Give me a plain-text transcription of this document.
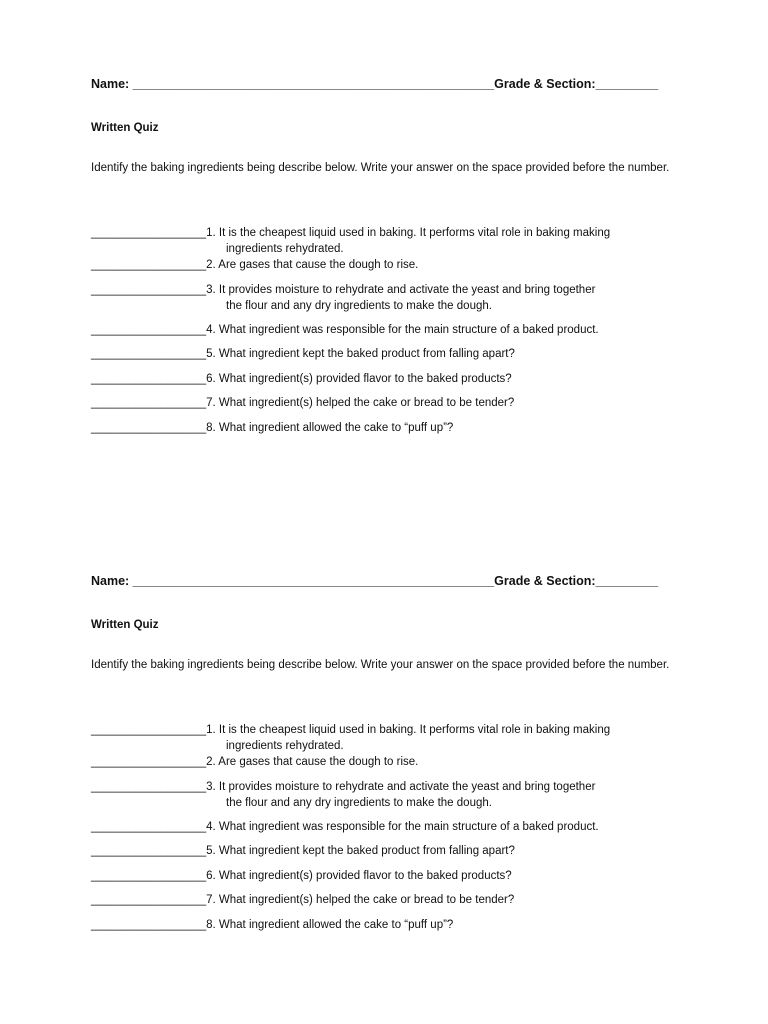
Name: ____________________________________________________Grade & Section:_________
Written Quiz
Identify the baking ingredients being describe below. Write your answer on the space provided before the number.
__________________1. It is the cheapest liquid used in baking. It performs vital role in baking making
ingredients rehydrated.
__________________2. Are gases that cause the dough to rise.
__________________3. It provides moisture to rehydrate and activate the yeast and bring together
the flour and any dry ingredients to make the dough.
__________________4. What ingredient was responsible for the main structure of a baked product.
__________________5. What ingredient kept the baked product from falling apart?
__________________6. What ingredient(s) provided flavor to the baked products?
__________________7. What ingredient(s) helped the cake or bread to be tender?
__________________8. What ingredient allowed the cake to “puff up”?
Name: ____________________________________________________Grade & Section:_________
Written Quiz
Identify the baking ingredients being describe below. Write your answer on the space provided before the number.
__________________1. It is the cheapest liquid used in baking. It performs vital role in baking making
ingredients rehydrated.
__________________2. Are gases that cause the dough to rise.
__________________3. It provides moisture to rehydrate and activate the yeast and bring together
the flour and any dry ingredients to make the dough.
__________________4. What ingredient was responsible for the main structure of a baked product.
__________________5. What ingredient kept the baked product from falling apart?
__________________6. What ingredient(s) provided flavor to the baked products?
__________________7. What ingredient(s) helped the cake or bread to be tender?
__________________8. What ingredient allowed the cake to “puff up”?
